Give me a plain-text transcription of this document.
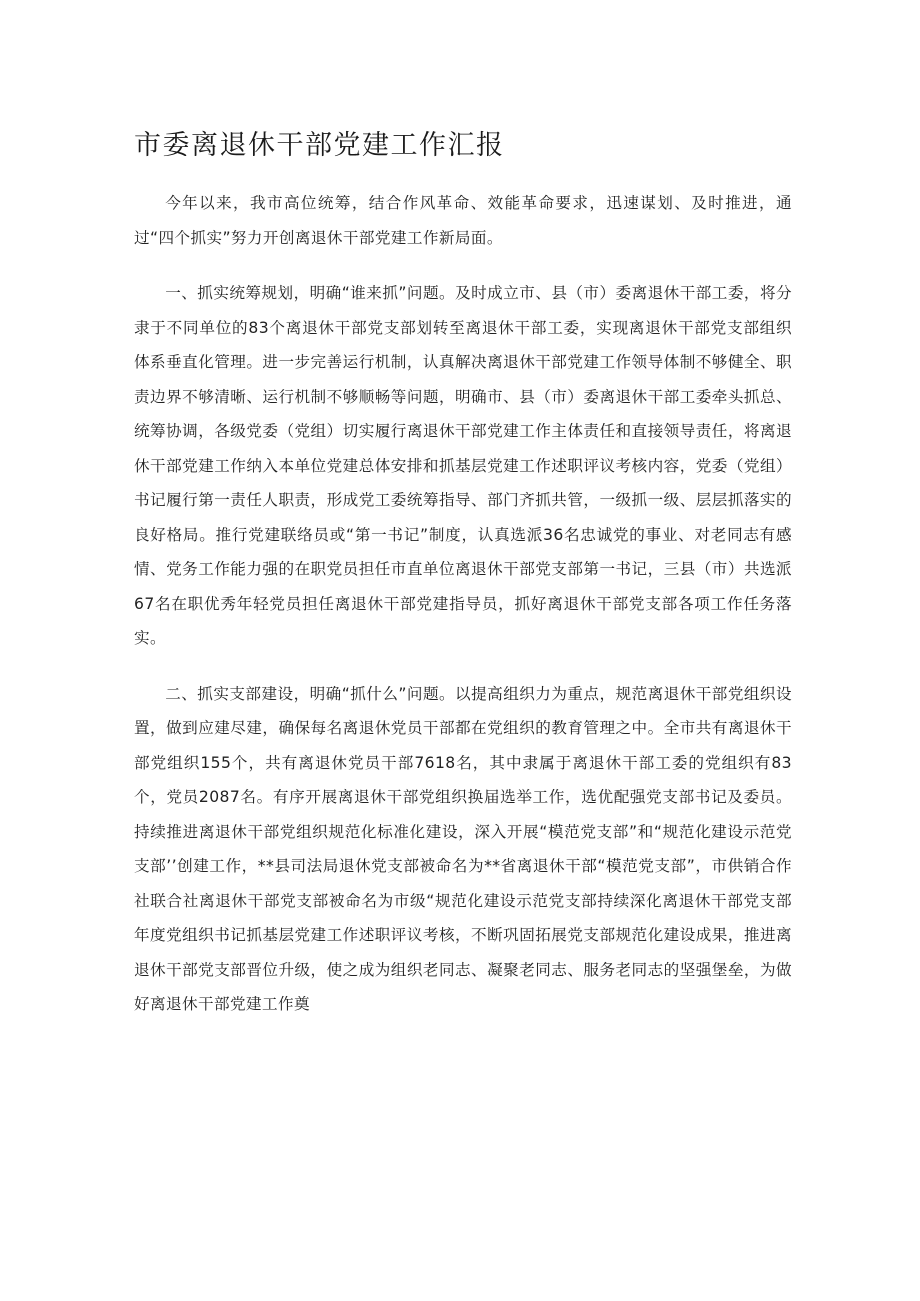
市委离退休干部党建工作汇报

今年以来，我市高位统筹，结合作风革命、效能革命要求，迅速谋划、及时推进，通过“四个抓实”努力开创离退休干部党建工作新局面。

一、抓实统筹规划，明确“谁来抓”问题。及时成立市、县（市）委离退休干部工委，将分隶于不同单位的83个离退休干部党支部划转至离退休干部工委，实现离退休干部党支部组织体系垂直化管理。进一步完善运行机制，认真解决离退休干部党建工作领导体制不够健全、职责边界不够清晰、运行机制不够顺畅等问题，明确市、县（市）委离退休干部工委牵头抓总、统筹协调，各级党委（党组）切实履行离退休干部党建工作主体责任和直接领导责任，将离退休干部党建工作纳入本单位党建总体安排和抓基层党建工作述职评议考核内容，党委（党组）书记履行第一责任人职责，形成党工委统筹指导、部门齐抓共管，一级抓一级、层层抓落实的良好格局。推行党建联络员或“第一书记”制度，认真选派36名忠诚党的事业、对老同志有感情、党务工作能力强的在职党员担任市直单位离退休干部党支部第一书记，三县（市）共选派67名在职优秀年轻党员担任离退休干部党建指导员，抓好离退休干部党支部各项工作任务落实。

二、抓实支部建设，明确“抓什么”问题。以提高组织力为重点，规范离退休干部党组织设置，做到应建尽建，确保每名离退休党员干部都在党组织的教育管理之中。全市共有离退休干部党组织155个，共有离退休党员干部7618名，其中隶属于离退休干部工委的党组织有83个，党员2087名。有序开展离退休干部党组织换届选举工作，选优配强党支部书记及委员。持续推进离退休干部党组织规范化标准化建设，深入开展“模范党支部”和“规范化建设示范党支部’’创建工作，**县司法局退休党支部被命名为**省离退休干部“模范党支部”，市供销合作社联合社离退休干部党支部被命名为市级“规范化建设示范党支部持续深化离退休干部党支部年度党组织书记抓基层党建工作述职评议考核，不断巩固拓展党支部规范化建设成果，推进离退休干部党支部晋位升级，使之成为组织老同志、凝聚老同志、服务老同志的坚强堡垒，为做好离退休干部党建工作奠
